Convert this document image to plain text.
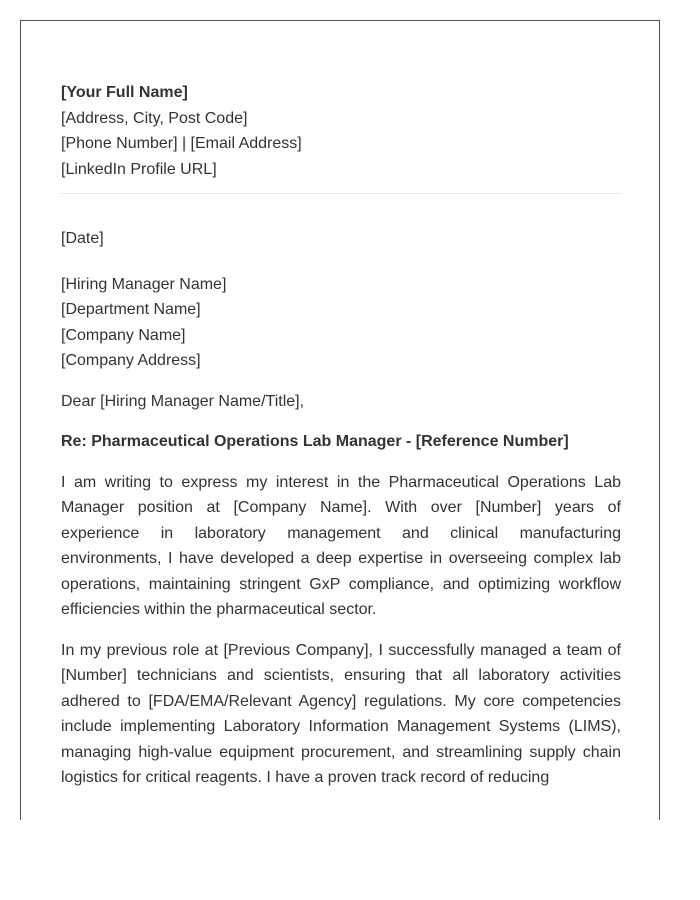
[Your Full Name]

[Address, City, Post Code]

[Phone Number] | [Email Address]

[LinkedIn Profile URL]

[Date]

[Hiring Manager Name]

[Department Name]

[Company Name]

[Company Address]

Dear [Hiring Manager Name/Title],

Re: Pharmaceutical Operations Lab Manager - [Reference Number]

I am writing to express my interest in the Pharmaceutical Operations Lab Manager position at [Company Name]. With over [Number] years of experience in laboratory management and clinical manufacturing environments, I have developed a deep expertise in overseeing complex lab operations, maintaining stringent GxP compliance, and optimizing workflow efficiencies within the pharmaceutical sector.

In my previous role at [Previous Company], I successfully managed a team of [Number] technicians and scientists, ensuring that all laboratory activities adhered to [FDA/EMA/Relevant Agency] regulations. My core competencies include implementing Laboratory Information Management Systems (LIMS), managing high-value equipment procurement, and streamlining supply chain logistics for critical reagents. I have a proven track record of reducing
